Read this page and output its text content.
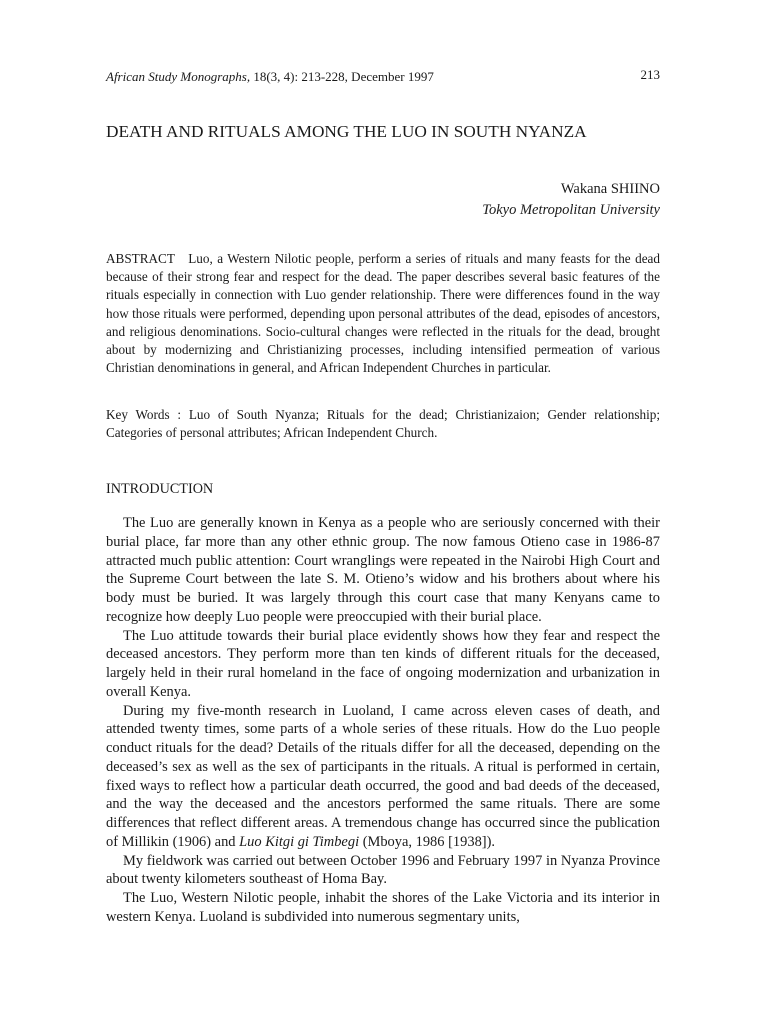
African Study Monographs, 18(3, 4): 213-228, December 1997	213
DEATH AND RITUALS AMONG THE LUO IN SOUTH NYANZA
Wakana SHIINO
Tokyo Metropolitan University

ABSTRACT Luo, a Western Nilotic people, perform a series of rituals and many feasts for the dead because of their strong fear and respect for the dead. The paper describes several basic features of the rituals especially in connection with Luo gender relationship. There were differences found in the way how those rituals were performed, depending upon personal attributes of the dead, episodes of ancestors, and religious denominations. Socio-cultural changes were reflected in the rituals for the dead, brought about by modernizing and Christianizing processes, including intensified permeation of various Christian denominations in general, and African Independent Churches in particular.

Key Words : Luo of South Nyanza; Rituals for the dead; Christianizaion; Gender relationship; Categories of personal attributes; African Independent Church.

INTRODUCTION

The Luo are generally known in Kenya as a people who are seriously concerned with their burial place, far more than any other ethnic group. The now famous Otieno case in 1986-87 attracted much public attention: Court wranglings were repeated in the Nairobi High Court and the Supreme Court between the late S. M. Otieno’s widow and his brothers about where his body must be buried. It was largely through this court case that many Kenyans came to recognize how deeply Luo people were preoccupied with their burial place.

The Luo attitude towards their burial place evidently shows how they fear and respect the deceased ancestors. They perform more than ten kinds of different rituals for the deceased, largely held in their rural homeland in the face of ongoing modernization and urbanization in overall Kenya.

During my five-month research in Luoland, I came across eleven cases of death, and attended twenty times, some parts of a whole series of these rituals. How do the Luo people conduct rituals for the dead? Details of the rituals differ for all the deceased, depending on the deceased’s sex as well as the sex of participants in the rituals. A ritual is performed in certain, fixed ways to reflect how a particular death occurred, the good and bad deeds of the deceased, and the way the deceased and the ancestors performed the same rituals. There are some differences that reflect different areas. A tremendous change has occurred since the publication of Millikin (1906) and Luo Kitgi gi Timbegi (Mboya, 1986 [1938]).

My fieldwork was carried out between October 1996 and February 1997 in Nyanza Province about twenty kilometers southeast of Homa Bay.

The Luo, Western Nilotic people, inhabit the shores of the Lake Victoria and its interior in western Kenya. Luoland is subdivided into numerous segmentary units,
